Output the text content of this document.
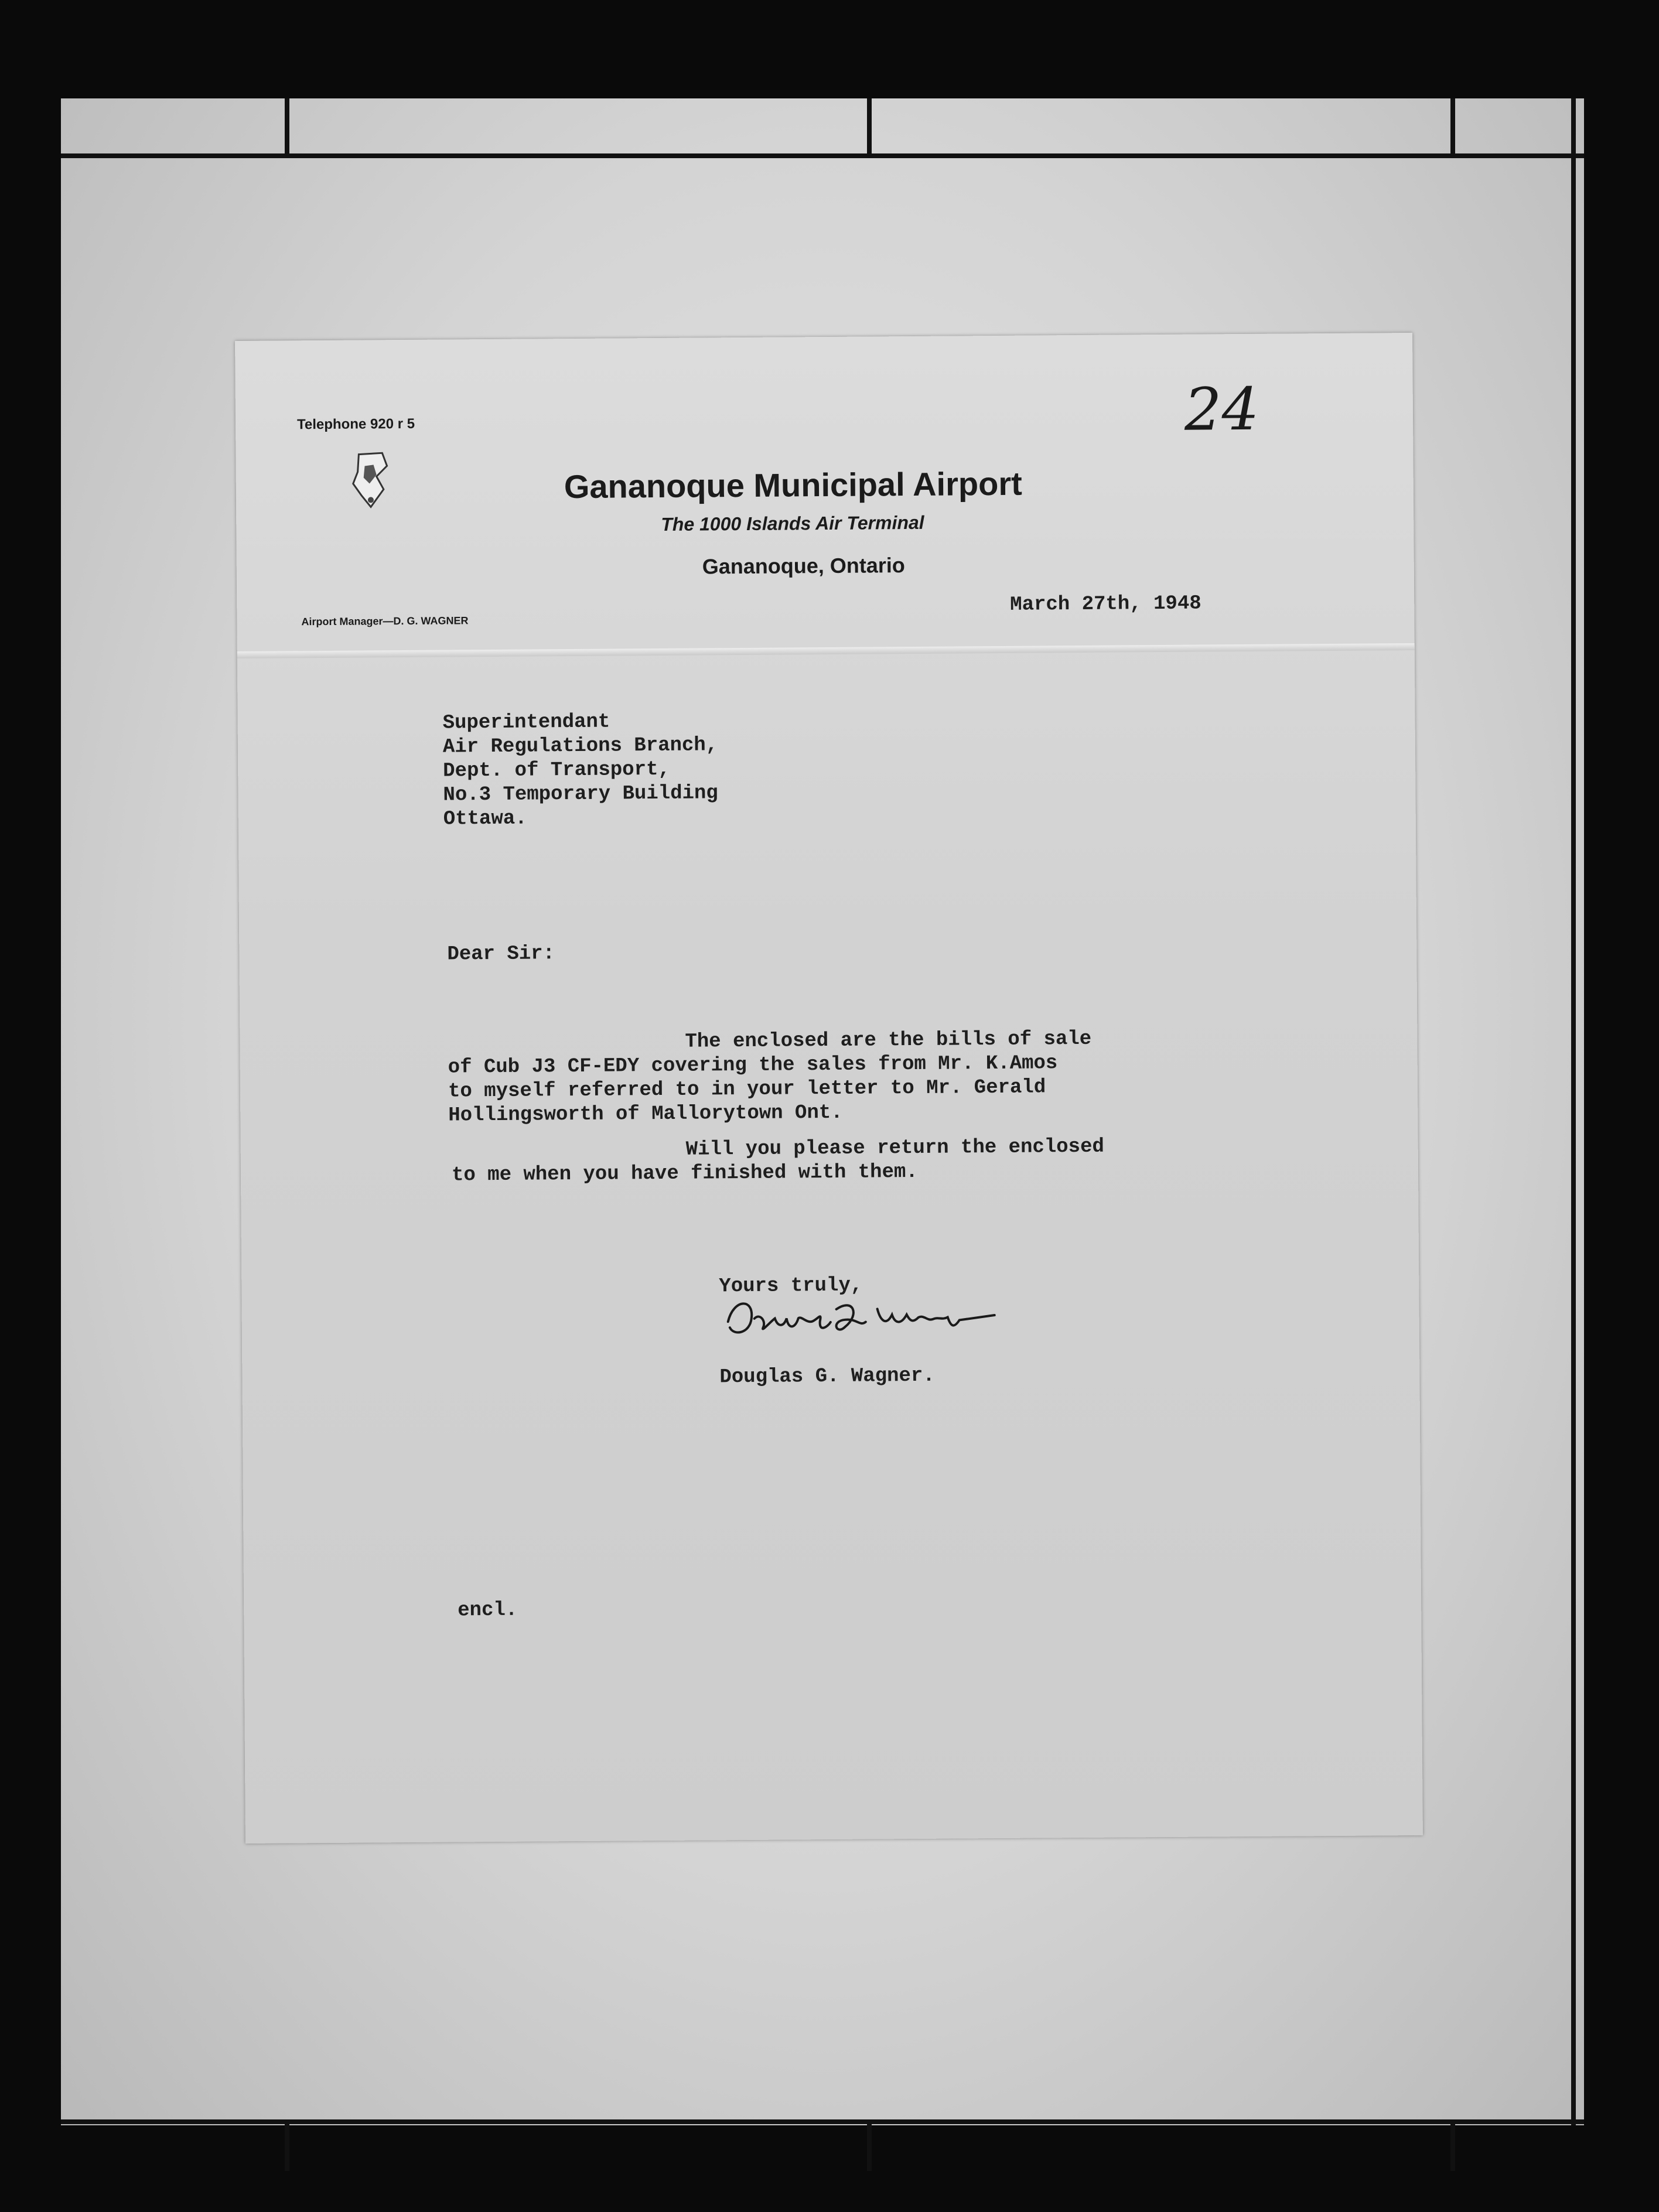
24
Telephone 920 r 5
Gananoque Municipal Airport
The 1000 Islands Air Terminal
Gananoque, Ontario
Airport Manager—D. G. WAGNER
March 27th, 1948
Superintendant
Air Regulations Branch,
Dept. of Transport,
No.3 Temporary Building
Ottawa.
Dear Sir:
The enclosed are the bills of sale
of Cub J3 CF-EDY covering the sales from Mr. K.Amos
to myself referred to in your letter to Mr. Gerald
Hollingsworth of Mallorytown Ont.
Will you please return the enclosed
to me when you have finished with them.
Yours truly,
Douglas G. Wagner.
encl.
